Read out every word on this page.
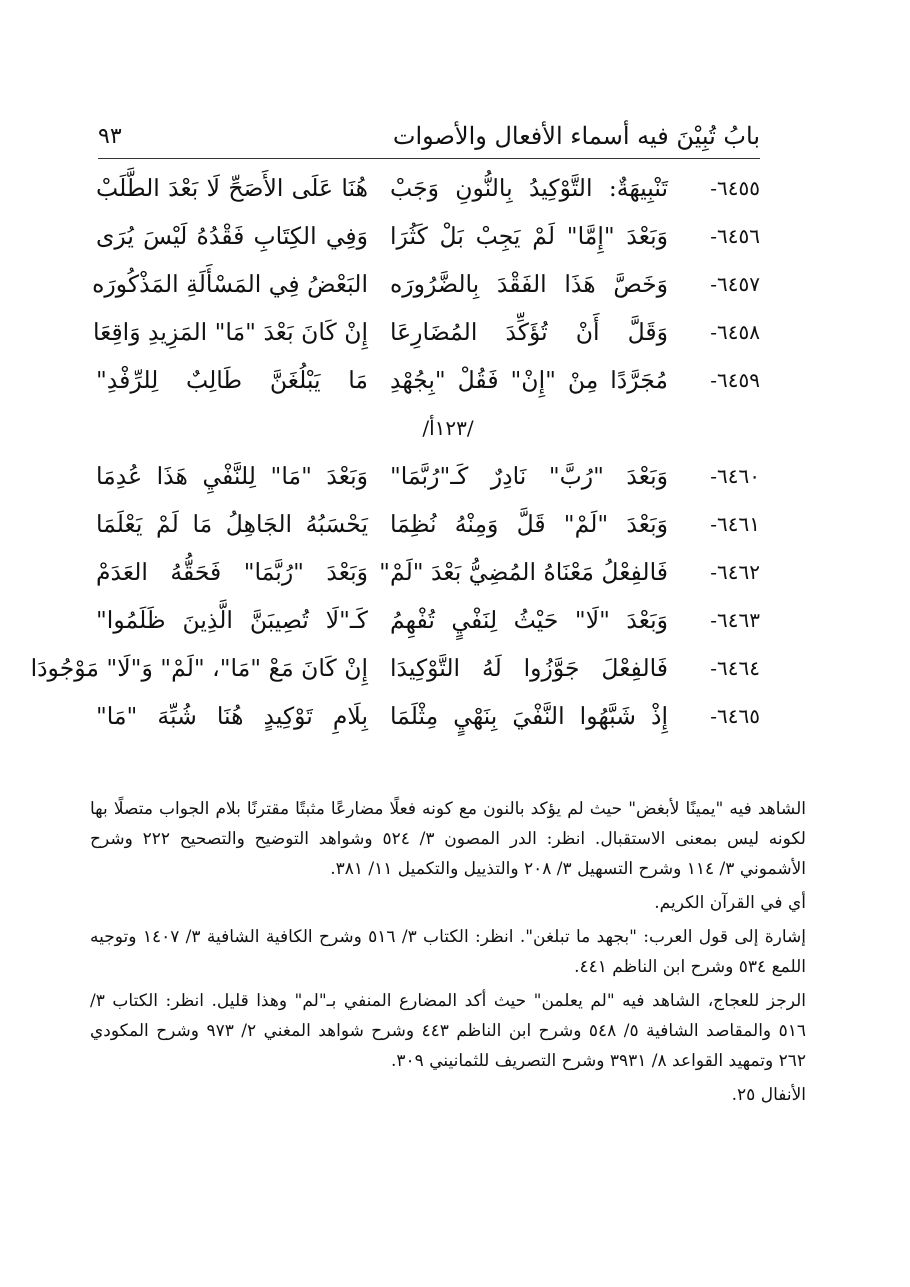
بابُ تُبِيْنَ فيه أسماء الأفعال والأصوات
٩٣
٦٤٥٥-
تَنْبِيهَةٌ: التَّوْكِيدُ بِالنُّونِ وَجَبْ
هُنَا عَلَى الأَصَحِّ لَا بَعْدَ الطَّلَبْ
٦٤٥٦-
وَبَعْدَ "إِمَّا" لَمْ يَجِبْ بَلْ كَثُرَا
وَفِي الكِتَابِ فَقْدُهُ لَيْسَ يُرَى
٦٤٥٧-
وَخَصَّ هَذَا الفَقْدَ بِالضَّرُورَه
البَعْضُ فِي المَسْأَلَةِ المَذْكُورَه
٦٤٥٨-
وَقَلَّ أَنْ تُؤَكِّدَ المُضَارِعَا
إِنْ كَانَ بَعْدَ "مَا" المَزِيدِ وَاقِعَا
٦٤٥٩-
مُجَرَّدًا مِنْ "إِنْ" فَقُلْ "بِجُهْدِ
مَا يَبْلُغَنَّ طَالِبٌ لِلرِّفْدِ"
/١٢٣أ/
٦٤٦٠-
وَبَعْدَ "رُبَّ" نَادِرٌ كَـ"رُبَّمَا"
وَبَعْدَ "مَا" لِلنَّفْيِ هَذَا عُدِمَا
٦٤٦١-
وَبَعْدَ "لَمْ" قَلَّ وَمِنْهُ نُظِمَا
يَحْسَبُهُ الجَاهِلُ مَا لَمْ يَعْلَمَا
٦٤٦٢-
فَالفِعْلُ مَعْنَاهُ المُضِيُّ بَعْدَ "لَمْ"
وَبَعْدَ "رُبَّمَا" فَحَقُّهُ العَدَمْ
٦٤٦٣-
وَبَعْدَ "لَا" حَيْثُ لِنَفْيٍ تُفْهِمُ
كَـ"لَا تُصِيبَنَّ الَّذِينَ ظَلَمُوا"
٦٤٦٤-
فَالفِعْلَ جَوَّزُوا لَهُ التَّوْكِيدَا
إِنْ كَانَ مَعْ "مَا"، "لَمْ" وَ"لَا" مَوْجُودَا
٦٤٦٥-
إِذْ شَبَّهُوا النَّفْيَ بِنَهْيٍ مِثْلَمَا
بِلَامِ تَوْكِيدٍ هُنَا شُبِّهَ "مَا"

الشاهد فيه "يمينًا لأبغض" حيث لم يؤكد بالنون مع كونه فعلًا مضارعًا مثبتًا مقترنًا بلام الجواب متصلًا بها لكونه ليس بمعنى الاستقبال. انظر: الدر المصون ٣/ ٥٢٤ وشواهد التوضيح والتصحيح ٢٢٢ وشرح الأشموني ٣/ ١١٤ وشرح التسهيل ٣/ ٢٠٨ والتذييل والتكميل ١١/ ٣٨١.

أي في القرآن الكريم.

إشارة إلى قول العرب: "بجهد ما تبلغن". انظر: الكتاب ٣/ ٥١٦ وشرح الكافية الشافية ٣/ ١٤٠٧ وتوجيه اللمع ٥٣٤ وشرح ابن الناظم ٤٤١.

الرجز للعجاج، الشاهد فيه "لم يعلمن" حيث أكد المضارع المنفي بـ"لم" وهذا قليل. انظر: الكتاب ٣/ ٥١٦ والمقاصد الشافية ٥/ ٥٤٨ وشرح ابن الناظم ٤٤٣ وشرح شواهد المغني ٢/ ٩٧٣ وشرح المكودي ٢٦٢ وتمهيد القواعد ٨/ ٣٩٣١ وشرح التصريف للثمانيني ٣٠٩.

الأنفال ٢٥.
